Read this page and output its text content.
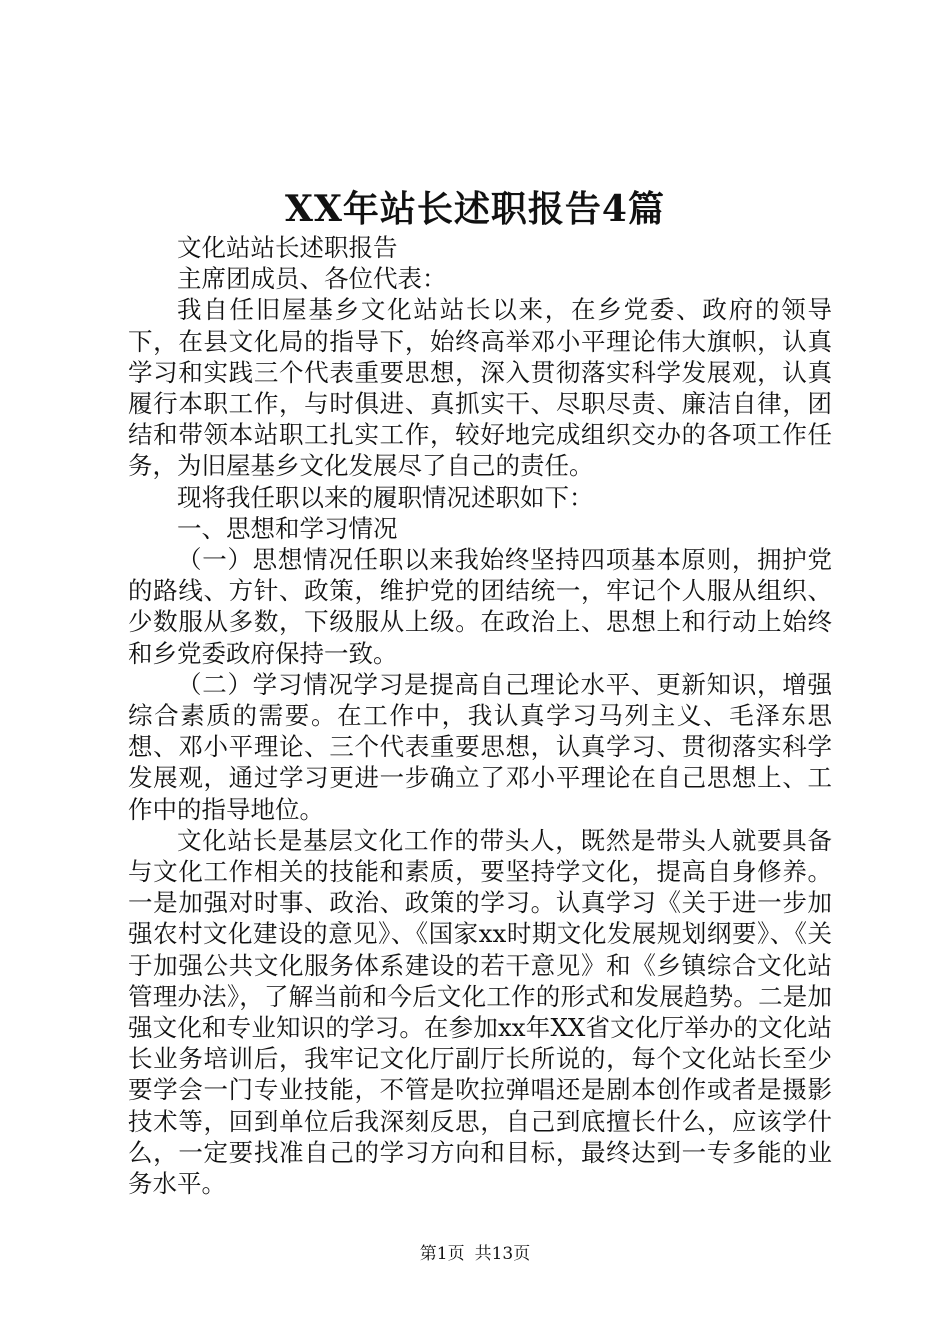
XX年站长述职报告4篇

文化站站长述职报告

主席团成员、各位代表：

我自任旧屋基乡文化站站长以来，在乡党委、政府的领导下，在县文化局的指导下，始终高举邓小平理论伟大旗帜，认真学习和实践三个代表重要思想，深入贯彻落实科学发展观，认真履行本职工作，与时俱进、真抓实干、尽职尽责、廉洁自律，团结和带领本站职工扎实工作，较好地完成组织交办的各项工作任务，为旧屋基乡文化发展尽了自己的责任。

现将我任职以来的履职情况述职如下：

一、思想和学习情况

（一）思想情况任职以来我始终坚持四项基本原则，拥护党的路线、方针、政策，维护党的团结统一，牢记个人服从组织、少数服从多数，下级服从上级。在政治上、思想上和行动上始终和乡党委政府保持一致。

（二）学习情况学习是提高自己理论水平、更新知识，增强综合素质的需要。在工作中，我认真学习马列主义、毛泽东思想、邓小平理论、三个代表重要思想，认真学习、贯彻落实科学发展观，通过学习更进一步确立了邓小平理论在自己思想上、工作中的指导地位。

文化站长是基层文化工作的带头人，既然是带头人就要具备与文化工作相关的技能和素质，要坚持学文化，提高自身修养。一是加强对时事、政治、政策的学习。认真学习《关于进一步加强农村文化建设的意见》、《国家xx时期文化发展规划纲要》、《关于加强公共文化服务体系建设的若干意见》和《乡镇综合文化站管理办法》，了解当前和今后文化工作的形式和发展趋势。二是加强文化和专业知识的学习。在参加xx年XX省文化厅举办的文化站长业务培训后，我牢记文化厅副厅长所说的，每个文化站长至少要学会一门专业技能，不管是吹拉弹唱还是剧本创作或者是摄影技术等，回到单位后我深刻反思，自己到底擅长什么，应该学什么，一定要找准自己的学习方向和目标，最终达到一专多能的业务水平。

第1页 共13页
